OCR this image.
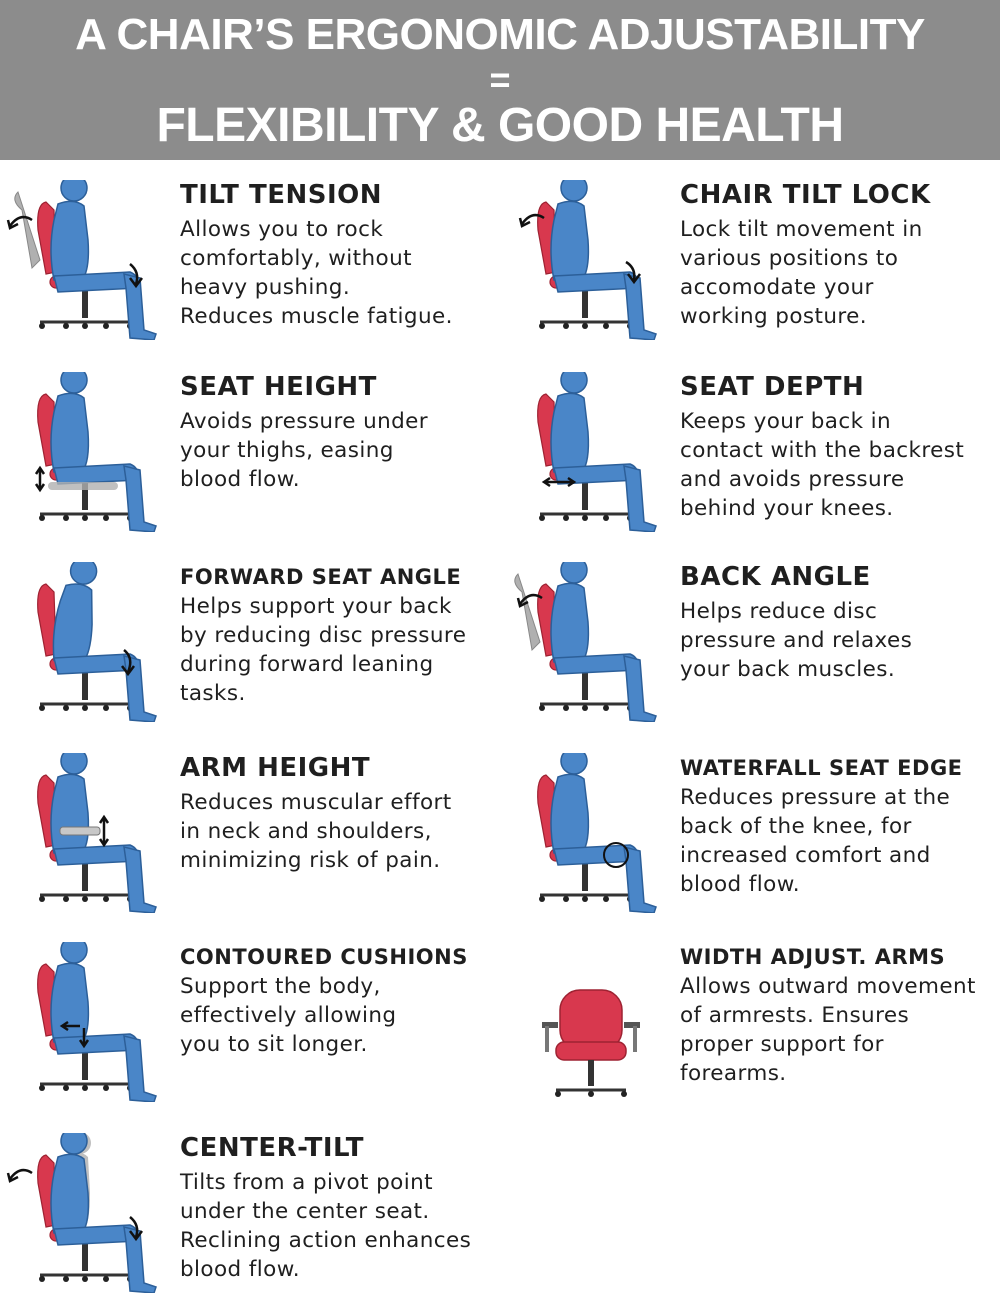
A CHAIR’S ERGONOMIC ADJUSTABILITY
=
FLEXIBILITY & GOOD HEALTH
TILT TENSION
Allows you to rock
comfortably, without
heavy pushing.
Reduces muscle fatigue.
CHAIR TILT LOCK
Lock tilt movement in
various positions to
accomodate your
working posture.
SEAT HEIGHT
Avoids pressure under
your thighs, easing
blood flow.
SEAT DEPTH
Keeps your back in
contact with the backrest
and avoids pressure
behind your knees.
FORWARD SEAT ANGLE
Helps support your back
by reducing disc pressure
during forward leaning
tasks.
BACK ANGLE
Helps reduce disc
pressure and relaxes
your back muscles.
ARM HEIGHT
Reduces muscular effort
in neck and shoulders,
minimizing risk of pain.
WATERFALL SEAT EDGE
Reduces pressure at the
back of the knee, for
increased comfort and
blood flow.
CONTOURED CUSHIONS
Support the body,
effectively allowing
you to sit longer.
WIDTH ADJUST. ARMS
Allows outward movement
of armrests. Ensures
proper support for
forearms.
CENTER-TILT
Tilts from a pivot point
under the center seat.
Reclining action enhances
blood flow.
